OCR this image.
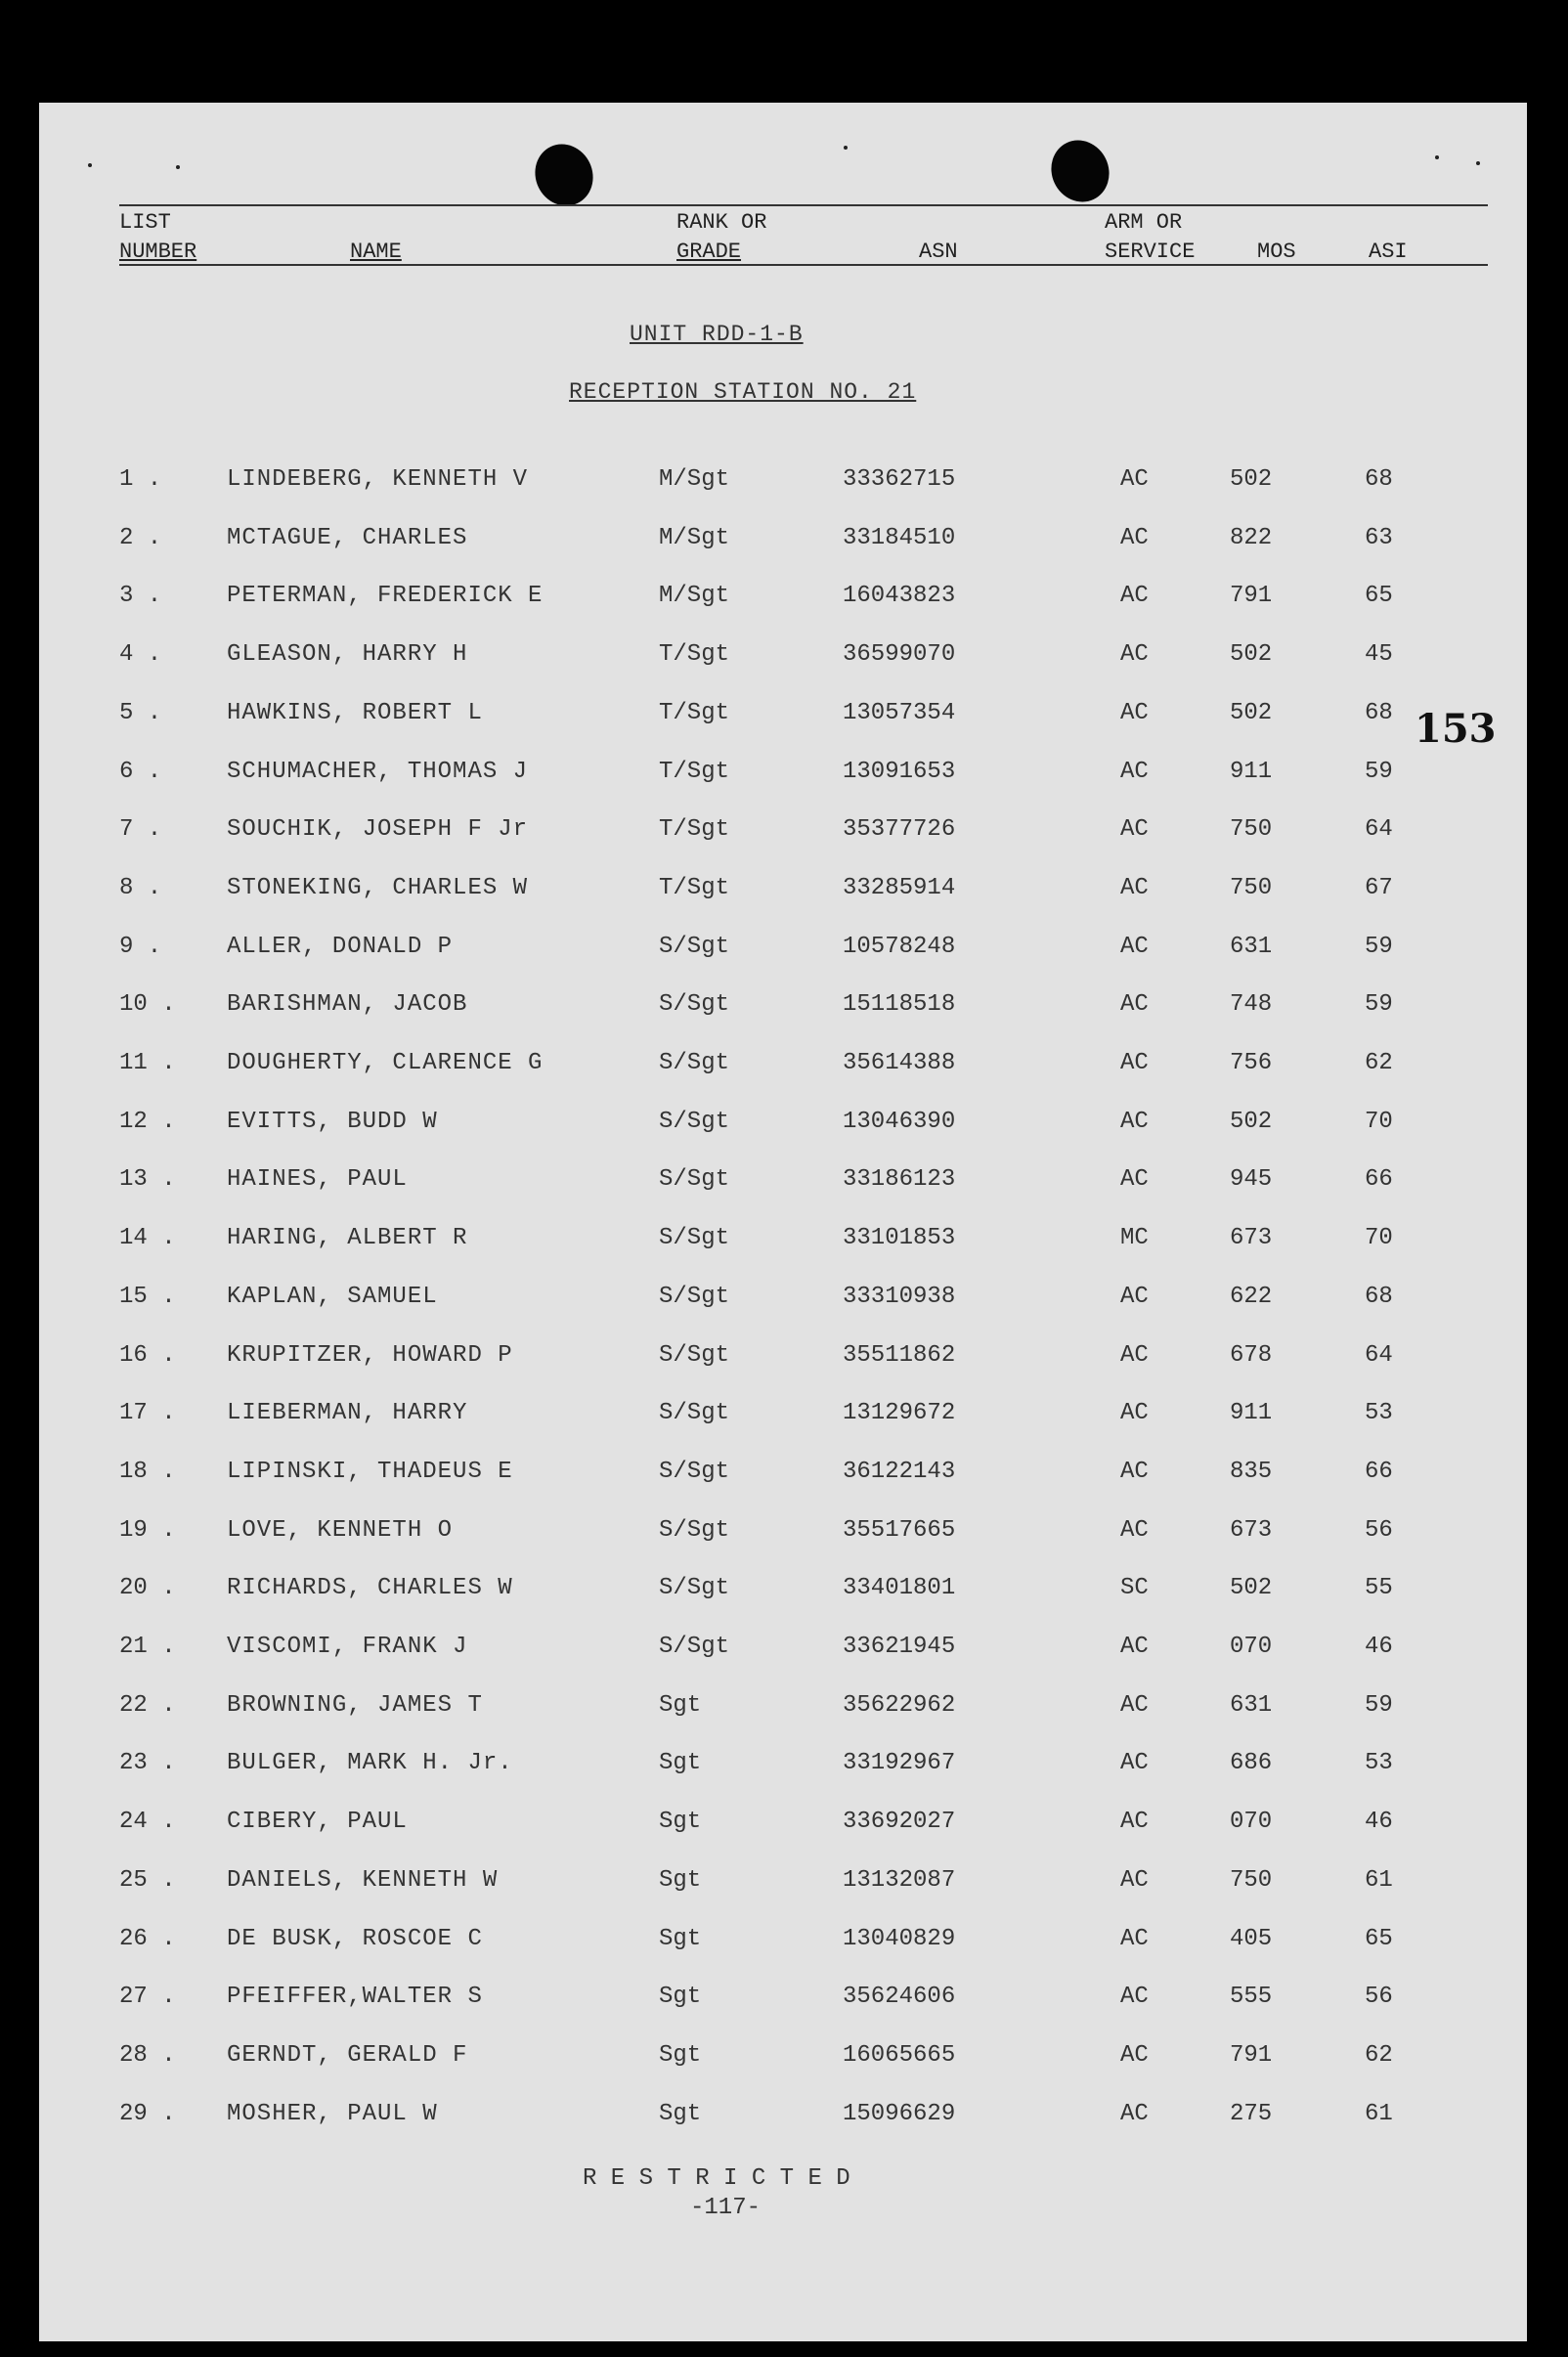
LIST
NUMBER	NAME
RANK OR
GRADE	ASN
ARM OR
SERVICE	MOS	ASI
UNIT RDD-1-B
RECEPTION STATION NO. 21
1 .	LINDEBERG, KENNETH V	M/Sgt	33362715	AC	502	68
2 .	MCTAGUE, CHARLES	M/Sgt	33184510	AC	822	63
3 .	PETERMAN, FREDERICK E	M/Sgt	16043823	AC	791	65
4 .	GLEASON, HARRY H	T/Sgt	36599070	AC	502	45
5 .	HAWKINS, ROBERT L	T/Sgt	13057354	AC	502	68
6 .	SCHUMACHER, THOMAS J	T/Sgt	13091653	AC	911	59
7 .	SOUCHIK, JOSEPH F Jr	T/Sgt	35377726	AC	750	64
8 .	STONEKING, CHARLES W	T/Sgt	33285914	AC	750	67
9 .	ALLER, DONALD P	S/Sgt	10578248	AC	631	59
10 . BARISHMAN, JACOB	S/Sgt	15118518	AC	748	59
11 . DOUGHERTY, CLARENCE G	S/Sgt	35614388	AC	756	62
12 . EVITTS, BUDD W	S/Sgt	13046390	AC	502	70
13 . HAINES, PAUL	S/Sgt	33186123	AC	945	66
14 . HARING, ALBERT R	S/Sgt	33101853	MC	673	70
15 . KAPLAN, SAMUEL	S/Sgt	33310938	AC	622	68
16 . KRUPITZER, HOWARD P	S/Sgt	35511862	AC	678	64
17 . LIEBERMAN, HARRY	S/Sgt	13129672	AC	911	53
18 . LIPINSKI, THADEUS E	S/Sgt	36122143	AC	835	66
19 . LOVE, KENNETH O	S/Sgt	35517665	AC	673	56
20 . RICHARDS, CHARLES W	S/Sgt	33401801	SC	502	55
21 . VISCOMI, FRANK J	S/Sgt	33621945	AC	070	46
22 . BROWNING, JAMES T	Sgt	35622962	AC	631	59
23 . BULGER, MARK H. Jr.	Sgt	33192967	AC	686	53
24 . CIBERY, PAUL	Sgt	33692027	AC	070	46
25 . DANIELS, KENNETH W	Sgt	13132087	AC	750	61
26 . DE BUSK, ROSCOE C	Sgt	13040829	AC	405	65
27 . PFEIFFER,WALTER S	Sgt	35624606	AC	555	56
28 . GERNDT, GERALD F	Sgt	16065665	AC	791	62
29 . MOSHER, PAUL W	Sgt	15096629	AC	275	61
R E S T R I C T E D
-117-
153
